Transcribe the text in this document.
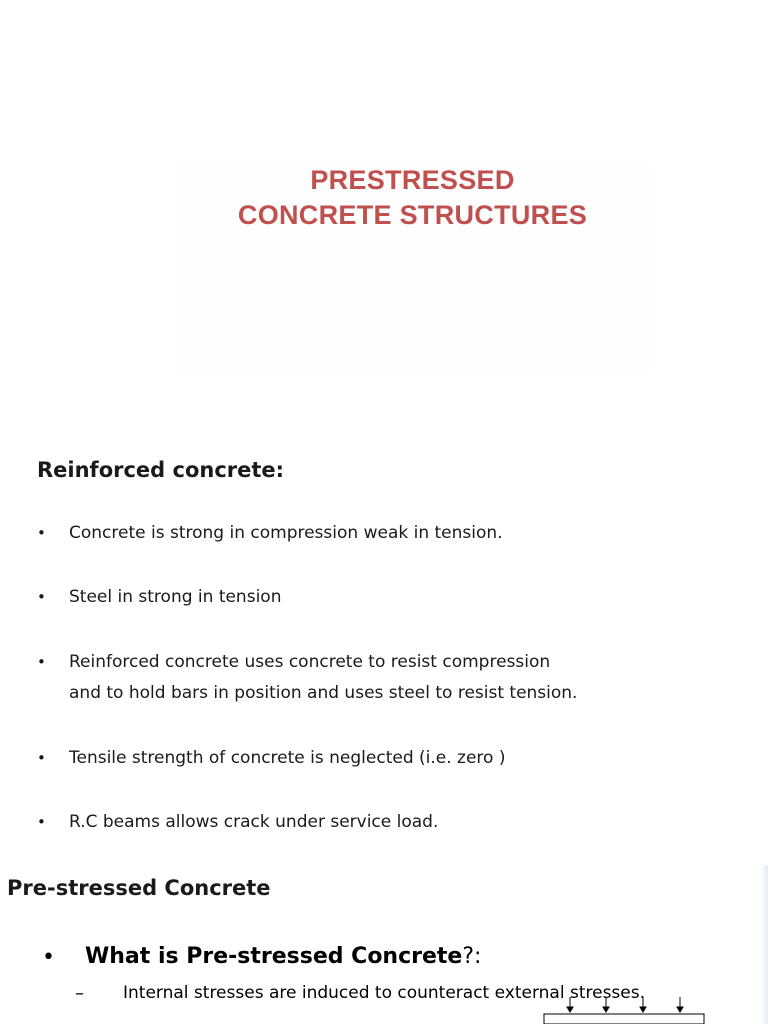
PRESTRESSED
CONCRETE STRUCTURES
Reinforced concrete:
• Concrete is strong in compression weak in tension.
• Steel in strong in tension
• Reinforced concrete uses concrete to resist compression
and to hold bars in position and uses steel to resist tension.
• Tensile strength of concrete is neglected (i.e. zero )
• R.C beams allows crack under service load.
Pre-stressed Concrete
• What is Pre-stressed Concrete?:
– Internal stresses are induced to counteract external stresses.
